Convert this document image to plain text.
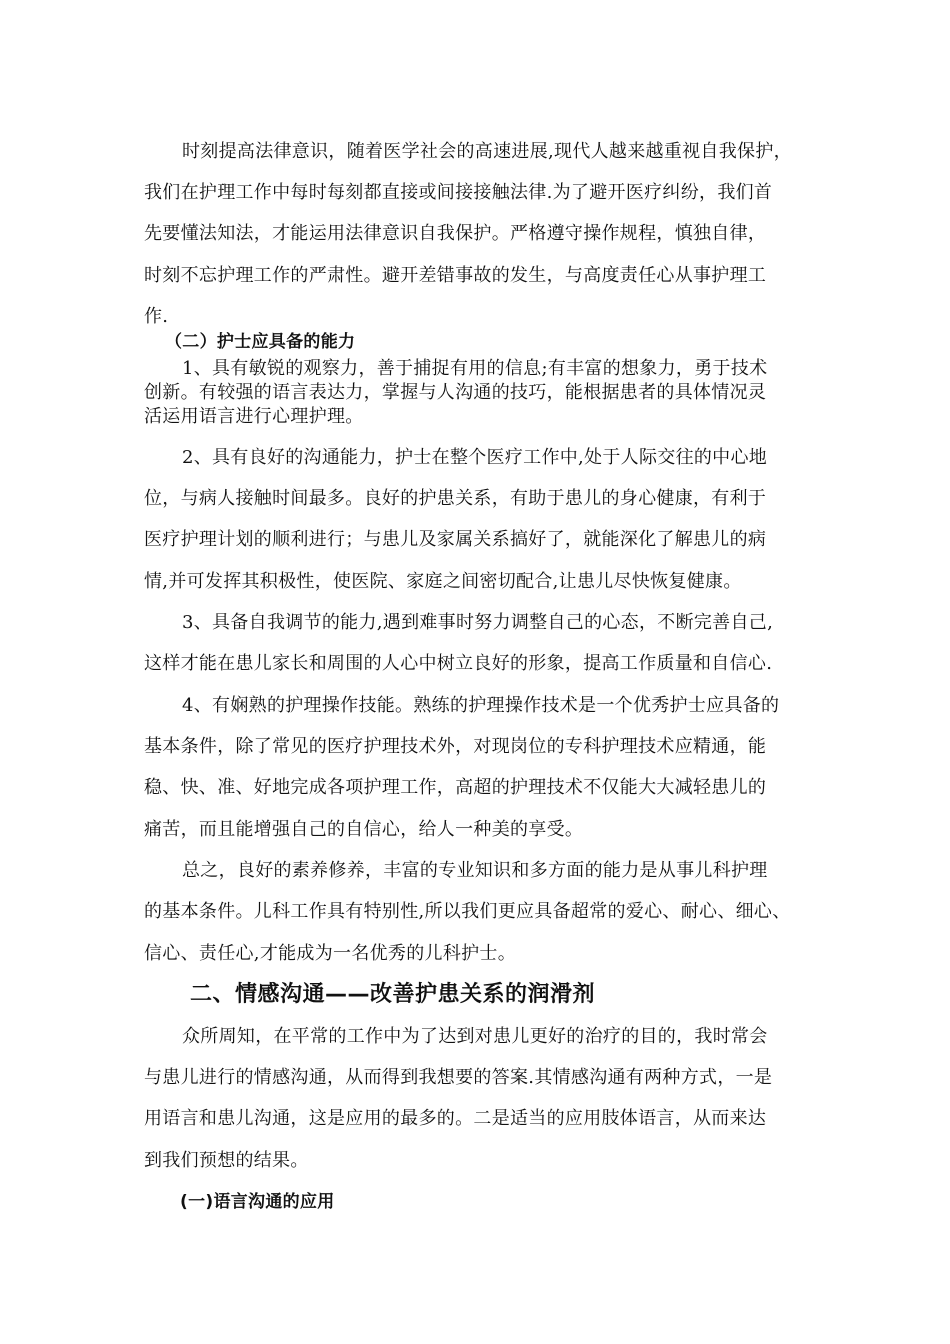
时刻提高法律意识，随着医学社会的高速进展,现代人越来越重视自我保护，
我们在护理工作中每时每刻都直接或间接接触法律.为了避开医疗纠纷，我们首
先要懂法知法，才能运用法律意识自我保护。严格遵守操作规程，慎独自律，
时刻不忘护理工作的严肃性。避开差错事故的发生，与高度责任心从事护理工
作.
（二）护士应具备的能力
1、具有敏锐的观察力，善于捕捉有用的信息;有丰富的想象力，勇于技术
创新。有较强的语言表达力，掌握与人沟通的技巧，能根据患者的具体情况灵
活运用语言进行心理护理。
2、具有良好的沟通能力，护士在整个医疗工作中,处于人际交往的中心地
位，与病人接触时间最多。良好的护患关系，有助于患儿的身心健康，有利于
医疗护理计划的顺利进行；与患儿及家属关系搞好了，就能深化了解患儿的病
情,并可发挥其积极性，使医院、家庭之间密切配合,让患儿尽快恢复健康。
3、具备自我调节的能力,遇到难事时努力调整自己的心态，不断完善自己,
这样才能在患儿家长和周围的人心中树立良好的形象，提高工作质量和自信心.
4、有娴熟的护理操作技能。熟练的护理操作技术是一个优秀护士应具备的
基本条件，除了常见的医疗护理技术外，对现岗位的专科护理技术应精通，能
稳、快、准、好地完成各项护理工作，高超的护理技术不仅能大大减轻患儿的
痛苦，而且能增强自己的自信心，给人一种美的享受。
总之，良好的素养修养，丰富的专业知识和多方面的能力是从事儿科护理
的基本条件。儿科工作具有特别性,所以我们更应具备超常的爱心、耐心、细心、
信心、责任心,才能成为一名优秀的儿科护士。
二、情感沟通——改善护患关系的润滑剂
众所周知，在平常的工作中为了达到对患儿更好的治疗的目的，我时常会
与患儿进行的情感沟通，从而得到我想要的答案.其情感沟通有两种方式，一是
用语言和患儿沟通，这是应用的最多的。二是适当的应用肢体语言，从而来达
到我们预想的结果。
(一)语言沟通的应用
